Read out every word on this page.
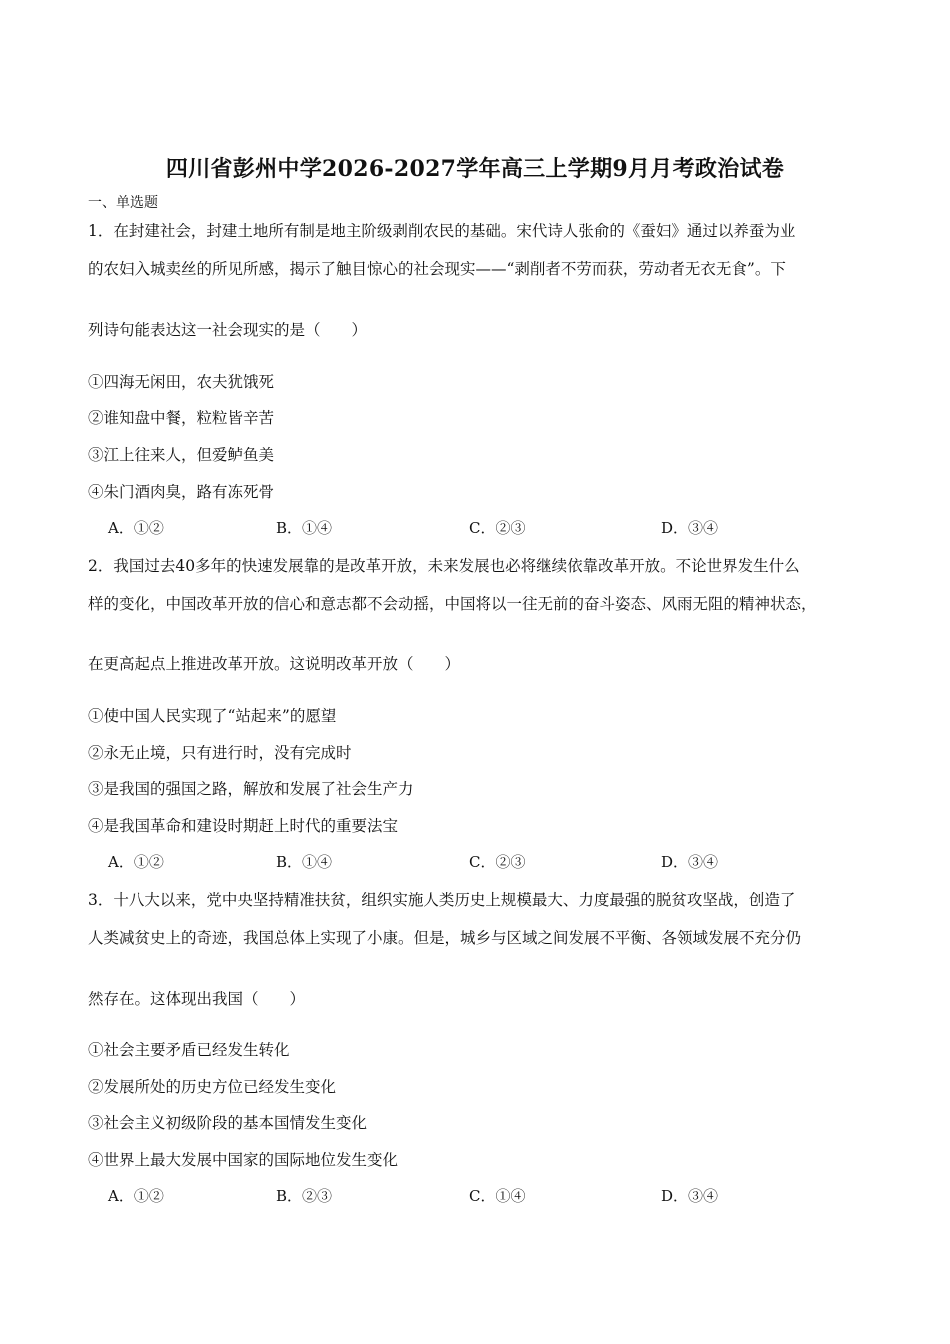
四川省彭州中学2026-2027学年高三上学期9月月考政治试卷
一、单选题
1．在封建社会，封建土地所有制是地主阶级剥削农民的基础。宋代诗人张俞的《蚕妇》通过以养蚕为业
的农妇入城卖丝的所见所感，揭示了触目惊心的社会现实——“剥削者不劳而获，劳动者无衣无食”。下
列诗句能表达这一社会现实的是（　　）
①四海无闲田，农夫犹饿死
②谁知盘中餐，粒粒皆辛苦
③江上往来人，但爱鲈鱼美
④朱门酒肉臭，路有冻死骨
A．①②	B．①④	C．②③	D．③④
2．我国过去40多年的快速发展靠的是改革开放，未来发展也必将继续依靠改革开放。不论世界发生什么
样的变化，中国改革开放的信心和意志都不会动摇，中国将以一往无前的奋斗姿态、风雨无阻的精神状态，
在更高起点上推进改革开放。这说明改革开放（　　）
①使中国人民实现了“站起来”的愿望
②永无止境，只有进行时，没有完成时
③是我国的强国之路，解放和发展了社会生产力
④是我国革命和建设时期赶上时代的重要法宝
A．①②	B．①④	C．②③	D．③④
3．十八大以来，党中央坚持精准扶贫，组织实施人类历史上规模最大、力度最强的脱贫攻坚战，创造了
人类减贫史上的奇迹，我国总体上实现了小康。但是，城乡与区域之间发展不平衡、各领域发展不充分仍
然存在。这体现出我国（　　）
①社会主要矛盾已经发生转化
②发展所处的历史方位已经发生变化
③社会主义初级阶段的基本国情发生变化
④世界上最大发展中国家的国际地位发生变化
A．①②	B．②③	C．①④	D．③④
